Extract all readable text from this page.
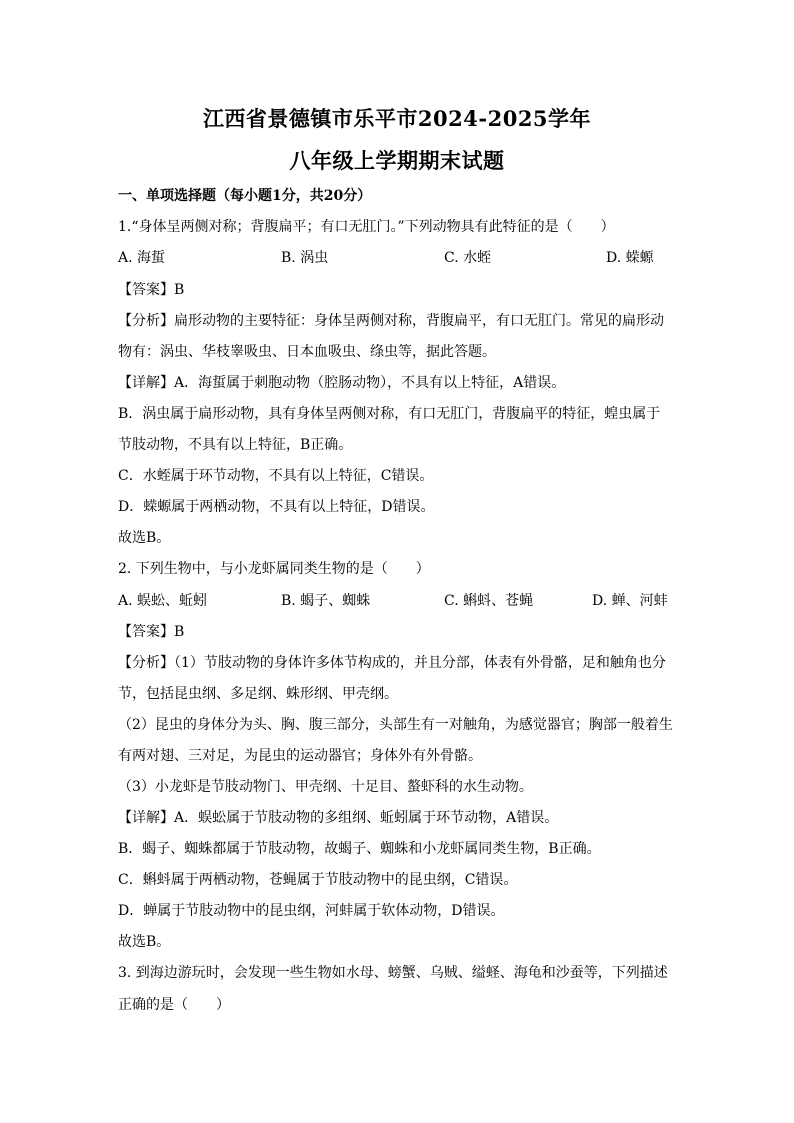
江西省景德镇市乐平市2024-2025学年
八年级上学期期末试题
一、单项选择题（每小题1分，共20分）
1.“身体呈两侧对称；背腹扁平；有口无肛门。”下列动物具有此特征的是（　　）
A. 海蜇	B. 涡虫	C. 水蛭	D. 蝾螈
【答案】B
【分析】扁形动物的主要特征：身体呈两侧对称，背腹扁平，有口无肛门。常见的扁形动
物有：涡虫、华枝睾吸虫、日本血吸虫、绦虫等，据此答题。
【详解】A．海蜇属于刺胞动物（腔肠动物），不具有以上特征，A错误。
B．涡虫属于扁形动物，具有身体呈两侧对称，有口无肛门，背腹扁平的特征，蝗虫属于
节肢动物，不具有以上特征，B正确。
C．水蛭属于环节动物，不具有以上特征，C错误。
D．蝾螈属于两栖动物，不具有以上特征，D错误。
故选B。
2. 下列生物中，与小龙虾属同类生物的是（　　）
A. 蜈蚣、蚯蚓	B. 蝎子、蜘蛛	C. 蝌蚪、苍蝇	D. 蝉、河蚌
【答案】B
【分析】（1）节肢动物的身体许多体节构成的，并且分部，体表有外骨骼，足和触角也分
节，包括昆虫纲、多足纲、蛛形纲、甲壳纲。
（2）昆虫的身体分为头、胸、腹三部分，头部生有一对触角，为感觉器官；胸部一般着生
有两对翅、三对足，为昆虫的运动器官；身体外有外骨骼。
（3）小龙虾是节肢动物门、甲壳纲、十足目、螯虾科的水生动物。
【详解】A．蜈蚣属于节肢动物的多组纲、蚯蚓属于环节动物，A错误。
B．蝎子、蜘蛛都属于节肢动物，故蝎子、蜘蛛和小龙虾属同类生物，B正确。
C．蝌蚪属于两栖动物，苍蝇属于节肢动物中的昆虫纲，C错误。
D．蝉属于节肢动物中的昆虫纲，河蚌属于软体动物，D错误。
故选B。
3. 到海边游玩时，会发现一些生物如水母、螃蟹、乌贼、缢蛏、海龟和沙蚕等，下列描述
正确的是（　　）
